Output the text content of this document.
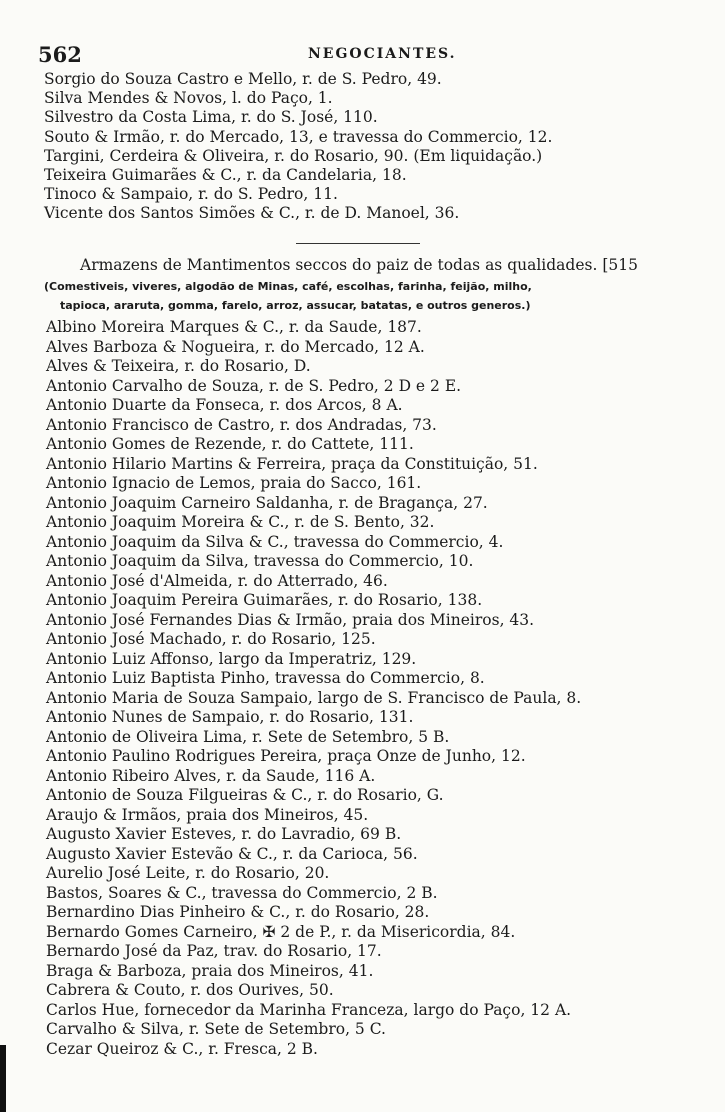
562	NEGOCIANTES.
Sorgio do Souza Castro e Mello, r. de S. Pedro, 49.
Silva Mendes & Novos, l. do Paço, 1.
Silvestro da Costa Lima, r. do S. José, 110.
Souto & Irmão, r. do Mercado, 13, e travessa do Commercio, 12.
Targini, Cerdeira & Oliveira, r. do Rosario, 90. (Em liquidação.)
Teixeira Guimarães & C., r. da Candelaria, 18.
Tinoco & Sampaio, r. do S. Pedro, 11.
Vicente dos Santos Simões & C., r. de D. Manoel, 36.
Armazens de Mantimentos seccos do paiz de todas as qualidades. [515
(Comestiveis, viveres, algodão de Minas, café, escolhas, farinha, feijão, milho,
tapioca, araruta, gomma, farelo, arroz, assucar, batatas, e outros generos.)
Albino Moreira Marques & C., r. da Saude, 187.
Alves Barboza & Nogueira, r. do Mercado, 12 A.
Alves & Teixeira, r. do Rosario, D.
Antonio Carvalho de Souza, r. de S. Pedro, 2 D e 2 E.
Antonio Duarte da Fonseca, r. dos Arcos, 8 A.
Antonio Francisco de Castro, r. dos Andradas, 73.
Antonio Gomes de Rezende, r. do Cattete, 111.
Antonio Hilario Martins & Ferreira, praça da Constituição, 51.
Antonio Ignacio de Lemos, praia do Sacco, 161.
Antonio Joaquim Carneiro Saldanha, r. de Bragança, 27.
Antonio Joaquim Moreira & C., r. de S. Bento, 32.
Antonio Joaquim da Silva & C., travessa do Commercio, 4.
Antonio Joaquim da Silva, travessa do Commercio, 10.
Antonio José d'Almeida, r. do Atterrado, 46.
Antonio Joaquim Pereira Guimarães, r. do Rosario, 138.
Antonio José Fernandes Dias & Irmão, praia dos Mineiros, 43.
Antonio José Machado, r. do Rosario, 125.
Antonio Luiz Affonso, largo da Imperatriz, 129.
Antonio Luiz Baptista Pinho, travessa do Commercio, 8.
Antonio Maria de Souza Sampaio, largo de S. Francisco de Paula, 8.
Antonio Nunes de Sampaio, r. do Rosario, 131.
Antonio de Oliveira Lima, r. Sete de Setembro, 5 B.
Antonio Paulino Rodrigues Pereira, praça Onze de Junho, 12.
Antonio Ribeiro Alves, r. da Saude, 116 A.
Antonio de Souza Filgueiras & C., r. do Rosario, G.
Araujo & Irmãos, praia dos Mineiros, 45.
Augusto Xavier Esteves, r. do Lavradio, 69 B.
Augusto Xavier Estevão & C., r. da Carioca, 56.
Aurelio José Leite, r. do Rosario, 20.
Bastos, Soares & C., travessa do Commercio, 2 B.
Bernardino Dias Pinheiro & C., r. do Rosario, 28.
Bernardo Gomes Carneiro, ✠ 2 de P., r. da Misericordia, 84.
Bernardo José da Paz, trav. do Rosario, 17.
Braga & Barboza, praia dos Mineiros, 41.
Cabrera & Couto, r. dos Ourives, 50.
Carlos Hue, fornecedor da Marinha Franceza, largo do Paço, 12 A.
Carvalho & Silva, r. Sete de Setembro, 5 C.
Cezar Queiroz & C., r. Fresca, 2 B.
